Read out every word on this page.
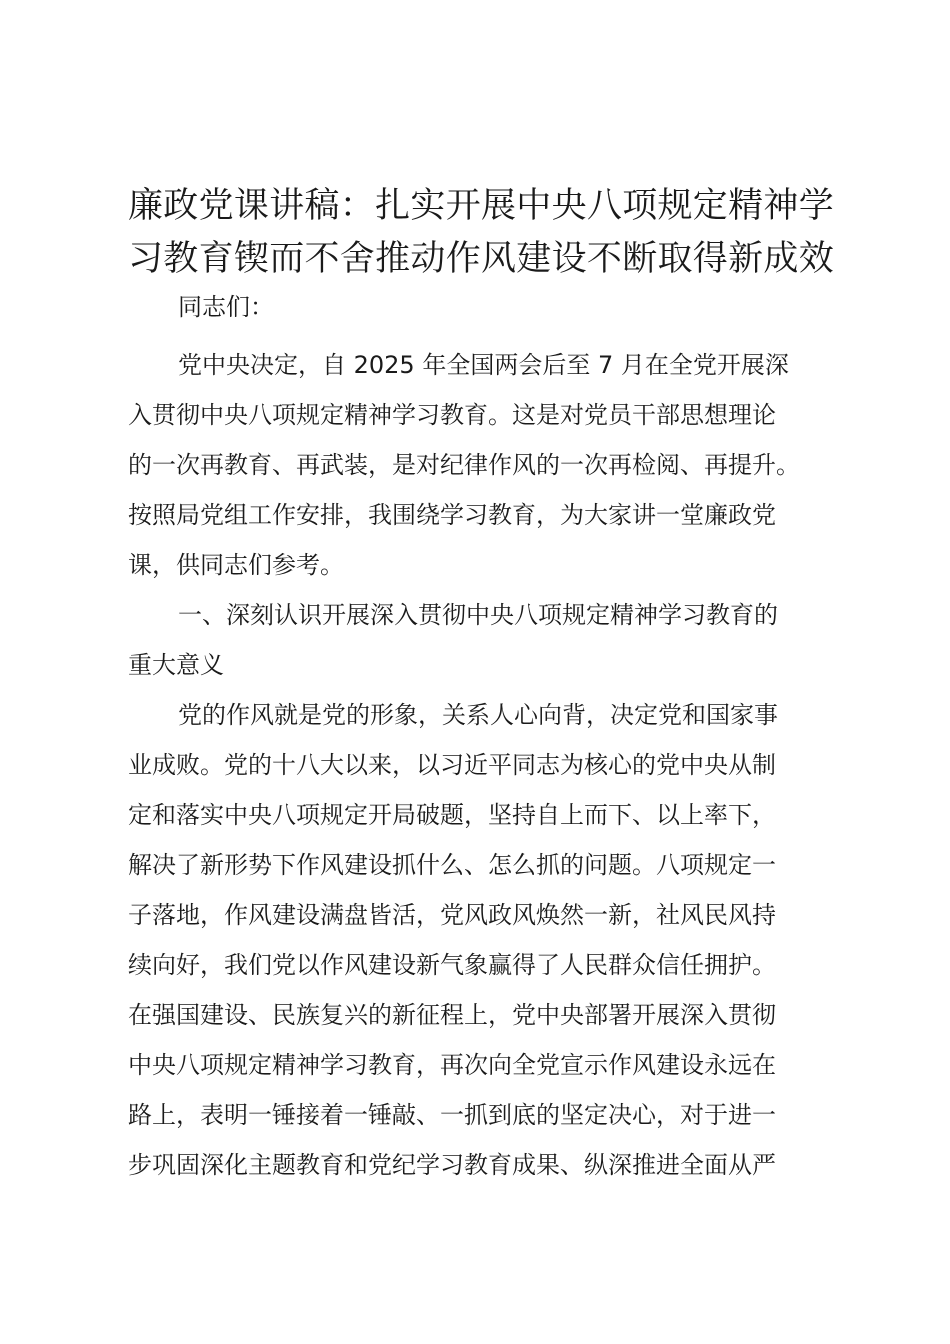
廉政党课讲稿：扎实开展中央八项规定精神学
习教育锲而不舍推动作风建设不断取得新成效
同志们：
党中央决定，自 2025 年全国两会后至 7 月在全党开展深
入贯彻中央八项规定精神学习教育。这是对党员干部思想理论
的一次再教育、再武装，是对纪律作风的一次再检阅、再提升。
按照局党组工作安排，我围绕学习教育，为大家讲一堂廉政党
课，供同志们参考。
一、深刻认识开展深入贯彻中央八项规定精神学习教育的
重大意义
党的作风就是党的形象，关系人心向背，决定党和国家事
业成败。党的十八大以来，以习近平同志为核心的党中央从制
定和落实中央八项规定开局破题，坚持自上而下、以上率下，
解决了新形势下作风建设抓什么、怎么抓的问题。八项规定一
子落地，作风建设满盘皆活，党风政风焕然一新，社风民风持
续向好，我们党以作风建设新气象赢得了人民群众信任拥护。
在强国建设、民族复兴的新征程上，党中央部署开展深入贯彻
中央八项规定精神学习教育，再次向全党宣示作风建设永远在
路上，表明一锤接着一锤敲、一抓到底的坚定决心，对于进一
步巩固深化主题教育和党纪学习教育成果、纵深推进全面从严
